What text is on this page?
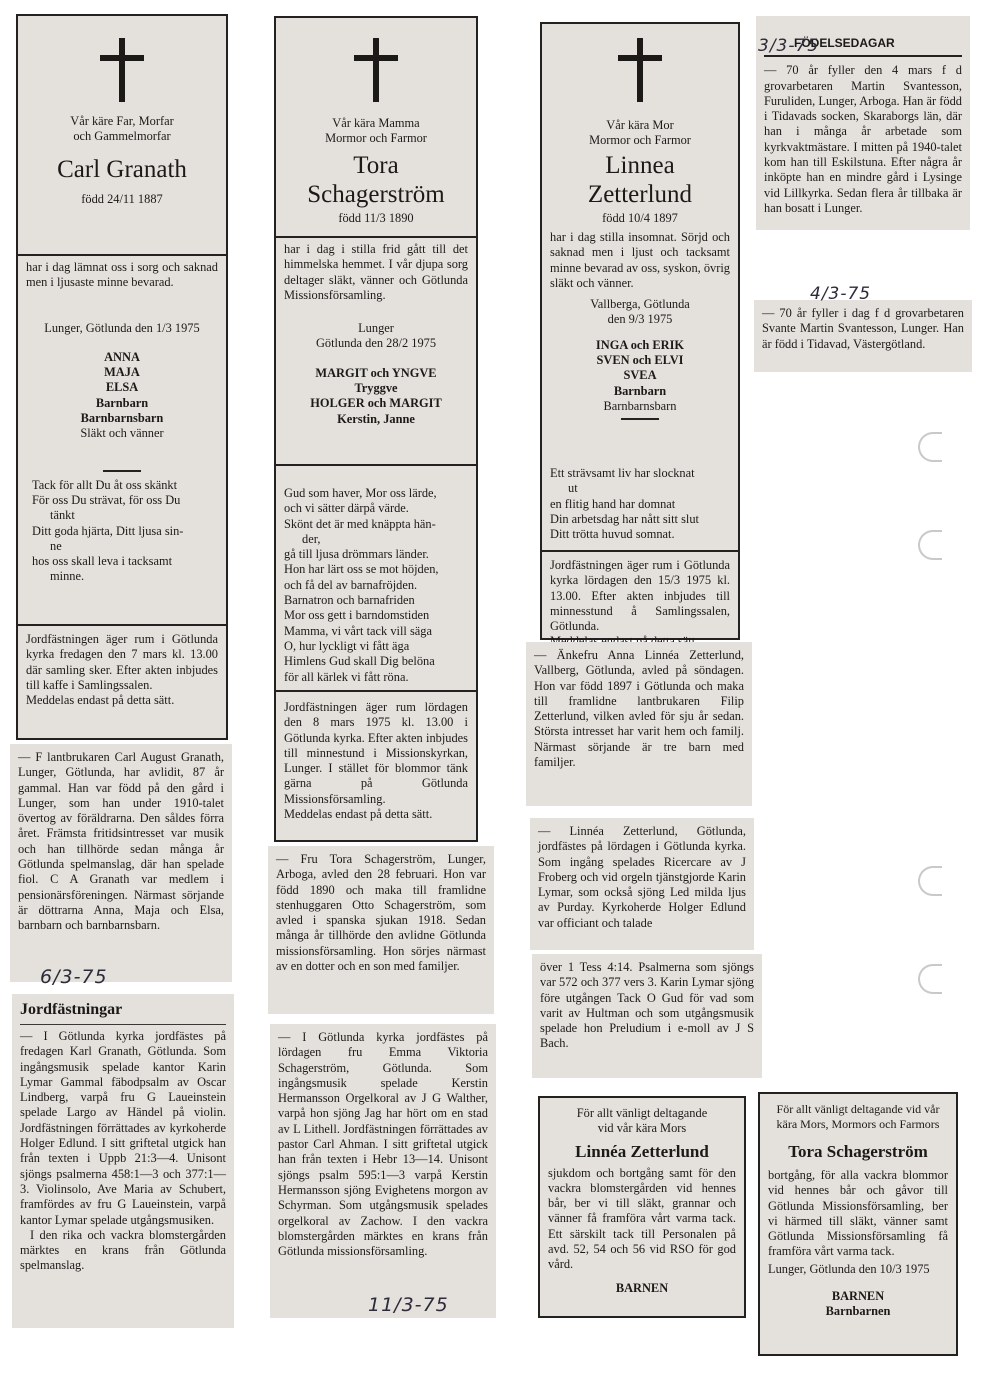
Vår käre Far, Morfar
och Gammelmorfar
Carl Granath
född 24/11 1887
har i dag lämnat oss i sorg och saknad men i ljusaste minne bevarad.
Lunger, Götlunda den 1/3 1975
ANNA
MAJA
ELSA
Barnbarn
Barnbarnsbarn
Släkt och vänner
Tack för allt Du åt oss skänkt
För oss Du strävat, för oss Du
tänkt
Ditt goda hjärta, Ditt ljusa sin-
ne
hos oss skall leva i tacksamt
minne.
Jordfästningen äger rum i Götlunda kyrka fredagen den 7 mars kl. 13.00 där samling sker. Efter akten inbjudes till kaffe i Samlingssalen.
Meddelas endast på detta sätt.
— F lantbrukaren Carl August Granath, Lunger, Götlunda, har avlidit, 87 år gammal. Han var född på den gård i Lunger, som han under 1910-talet övertog av föräldrarna. Den såldes förra året. Främsta fritidsintresset var musik och han tillhörde sedan många år Götlunda spelmanslag, där han spelade fiol. C A Granath var medlem i pensionärsföreningen. Närmast sörjande är döttrarna Anna, Maja och Elsa, barnbarn och barnbarnsbarn.
6/3-75
Jordfästningar
— I Götlunda kyrka jordfästes på fredagen Karl Granath, Götlunda. Som ingångsmusik spelade kantor Karin Lymar Gammal fäbodpsalm av Oscar Lindberg, varpå fru G Laueinstein spelade Largo av Händel på violin. Jordfästningen förrättades av kyrkoherde Holger Edlund. I sitt griftetal utgick han från texten i Uppb 21:3—4. Unisont sjöngs psalmerna 458:1—3 och 377:1—3. Violinsolo, Ave Maria av Schubert, framfördes av fru G Laueinstein, varpå kantor Lymar spelade utgångsmusiken.
I den rika och vackra blomstergården märktes en krans från Götlunda spelmanslag.
Vår kära Mamma
Mormor och Farmor
Tora
Schagerström
född 11/3 1890
har i dag i stilla frid gått till det himmelska hemmet. I vår djupa sorg deltager släkt, vänner och Götlunda Missionsförsamling.
Lunger
Götlunda den 28/2 1975
MARGIT och YNGVE
Tryggve
HOLGER och MARGIT
Kerstin, Janne
Gud som haver, Mor oss lärde,
och vi sätter därpå värde.
Skönt det är med knäppta hän-
der,
gå till ljusa drömmars länder.
Hon har lärt oss se mot höjden,
och få del av barnafröjden.
Barnatron och barnafriden
Mor oss gett i barndomstiden
Mamma, vi vårt tack vill säga
O, hur lyckligt vi fått äga
Himlens Gud skall Dig belöna
för all kärlek vi fått röna.
Jordfästningen äger rum lördagen den 8 mars 1975 kl. 13.00 i Götlunda kyrka. Efter akten inbjudes till minnestund i Missionskyrkan, Lunger. I stället för blommor tänk gärna på Götlunda Missionsförsamling.
Meddelas endast på detta sätt.
— Fru Tora Schagerström, Lunger, Arboga, avled den 28 februari. Hon var född 1890 och maka till framlidne stenhuggaren Otto Schagerström, som avled i spanska sjukan 1918. Sedan många år tillhörde den avlidne Götlunda missionsförsamling. Hon sörjes närmast av en dotter och en son med familjer.
— I Götlunda kyrka jordfästes på lördagen fru Emma Viktoria Schagerström, Götlunda. Som ingångsmusik spelade Kerstin Hermansson Orgelkoral av J G Walther, varpå hon sjöng Jag har hört om en stad av L Lithell. Jordfästningen förrättades av pastor Carl Ahman. I sitt griftetal utgick han från texten i Hebr 13—14. Unisont sjöngs psalm 595:1—3 varpå Kerstin Hermansson sjöng Evighetens morgon av Schyrman. Som utgångsmusik spelades orgelkoral av Zachow. I den vackra blomstergården märktes en krans från Götlunda missionsförsamling.
11/3-75
Vår kära Mor
Mormor och Farmor
Linnea
Zetterlund
född 10/4 1897
har i dag stilla insomnat. Sörjd och saknad men i ljust och tacksamt minne bevarad av oss, syskon, övrig släkt och vänner.
Vallberga, Götlunda
den 9/3 1975
INGA och ERIK
SVEN och ELVI
SVEA
Barnbarn
Barnbarnsbarn
Ett strävsamt liv har slocknat
ut
en flitig hand har domnat
Din arbetsdag har nått sitt slut
Ditt trötta huvud somnat.
Jordfästningen äger rum i Götlunda kyrka lördagen den 15/3 1975 kl. 13.00. Efter akten inbjudes till minnesstund å Samlingssalen, Götlunda.
— Änkefru Anna Linnéa Zetterlund, Vallberg, Götlunda, avled på söndagen. Hon var född 1897 i Götlunda och maka till framlidne lantbrukaren Filip Zetterlund, vilken avled för sju år sedan. Största intresset har varit hem och familj. Närmast sörjande är tre barn med familjer.
— Linnéa Zetterlund, Götlunda, jordfästes på lördagen i Götlunda kyrka. Som ingång spelades Ricercare av J Froberg och vid orgeln tjänstgjorde Karin Lymar, som också sjöng Led milda ljus av Purday. Kyrkoherde Holger Edlund var officiant och talade
över 1 Tess 4:14. Psalmerna som sjöngs var 572 och 377 vers 3. Karin Lymar sjöng före utgången Tack O Gud för vad som varit av Hultman och som utgångsmusik spelade hon Preludium i e-moll av J S Bach.
För allt vänligt deltagande
vid vår kära Mors
Linnéa Zetterlund
sjukdom och bortgång samt för den vackra blomstergården vid hennes bår, ber vi till släkt, grannar och vänner få framföra vårt varma tack. Ett särskilt tack till Personalen på avd. 52, 54 och 56 vid RSO för god vård.
BARNEN
FÖDELSEDAGAR
— 70 år fyller den 4 mars f d grovarbetaren Martin Svantesson, Furuliden, Lunger, Arboga. Han är född i Tidavads socken, Skaraborgs län, där han i många år arbetade som kyrkvaktmästare. I mitten på 1940-talet kom han till Eskilstuna. Efter några år inköpte han en mindre gård i Lysinge vid Lillkyrka. Sedan flera år tillbaka är han bosatt i Lunger.
3/3-75
— 70 år fyller i dag f d grovarbetaren Svante Martin Svantesson, Lunger. Han är född i Tidavad, Västergötland.
4/3-75
För allt vänligt deltagande vid vår kära Mors, Mormors och Farmors
Tora Schagerström
bortgång, för alla vackra blommor vid hennes bår och gåvor till Götlunda Missionsförsamling, ber vi härmed till släkt, vänner samt Götlunda Missionsförsamling få framföra vårt varma tack.
Lunger, Götlunda den 10/3 1975
BARNEN
Barnbarnen
